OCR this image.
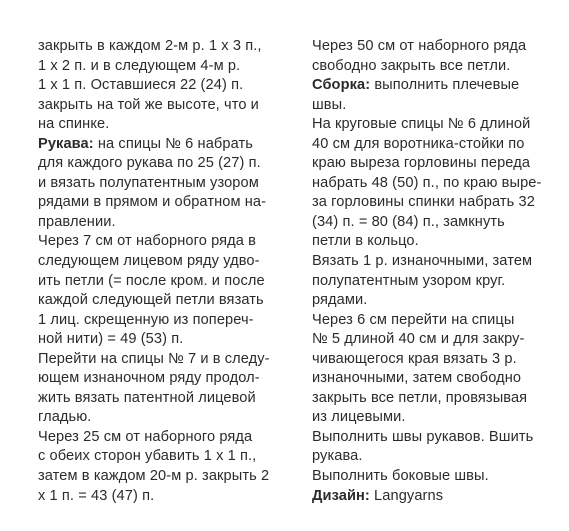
закрыть в каждом 2-м р. 1 х 3 п.,
1 х 2 п. и в следующем 4-м р.
1 х 1 п. Оставшиеся 22 (24) п.
закрыть на той же высоте, что и
на спинке.
Рукава: на спицы № 6 набрать
для каждого рукава по 25 (27) п.
и вязать полупатентным узором
рядами в прямом и обратном на-
правлении.
Через 7 см от наборного ряда в
следующем лицевом ряду удво-
ить петли (= после кром. и после
каждой следующей петли вязать
1 лиц. скрещенную из попереч-
ной нити) = 49 (53) п.
Перейти на спицы № 7 и в следу-
ющем изнаночном ряду продол-
жить вязать патентной лицевой
гладью.
Через 25 см от наборного ряда
с обеих сторон убавить 1 х 1 п.,
затем в каждом 20-м р. закрыть 2
х 1 п. = 43 (47) п.
Через 50 см от наборного ряда
свободно закрыть все петли.
Сборка: выполнить плечевые
швы.
На круговые спицы № 6 длиной
40 см для воротника-стойки по
краю выреза горловины переда
набрать 48 (50) п., по краю выре-
за горловины спинки набрать 32
(34) п. = 80 (84) п., замкнуть
петли в кольцо.
Вязать 1 р. изнаночными, затем
полупатентным узором круг.
рядами.
Через 6 см перейти на спицы
№ 5 длиной 40 см и для закру-
чивающегося края вязать 3 р.
изнаночными, затем свободно
закрыть все петли, провязывая
из лицевыми.
Выполнить швы рукавов. Вшить
рукава.
Выполнить боковые швы.
Дизайн: Langyarns
